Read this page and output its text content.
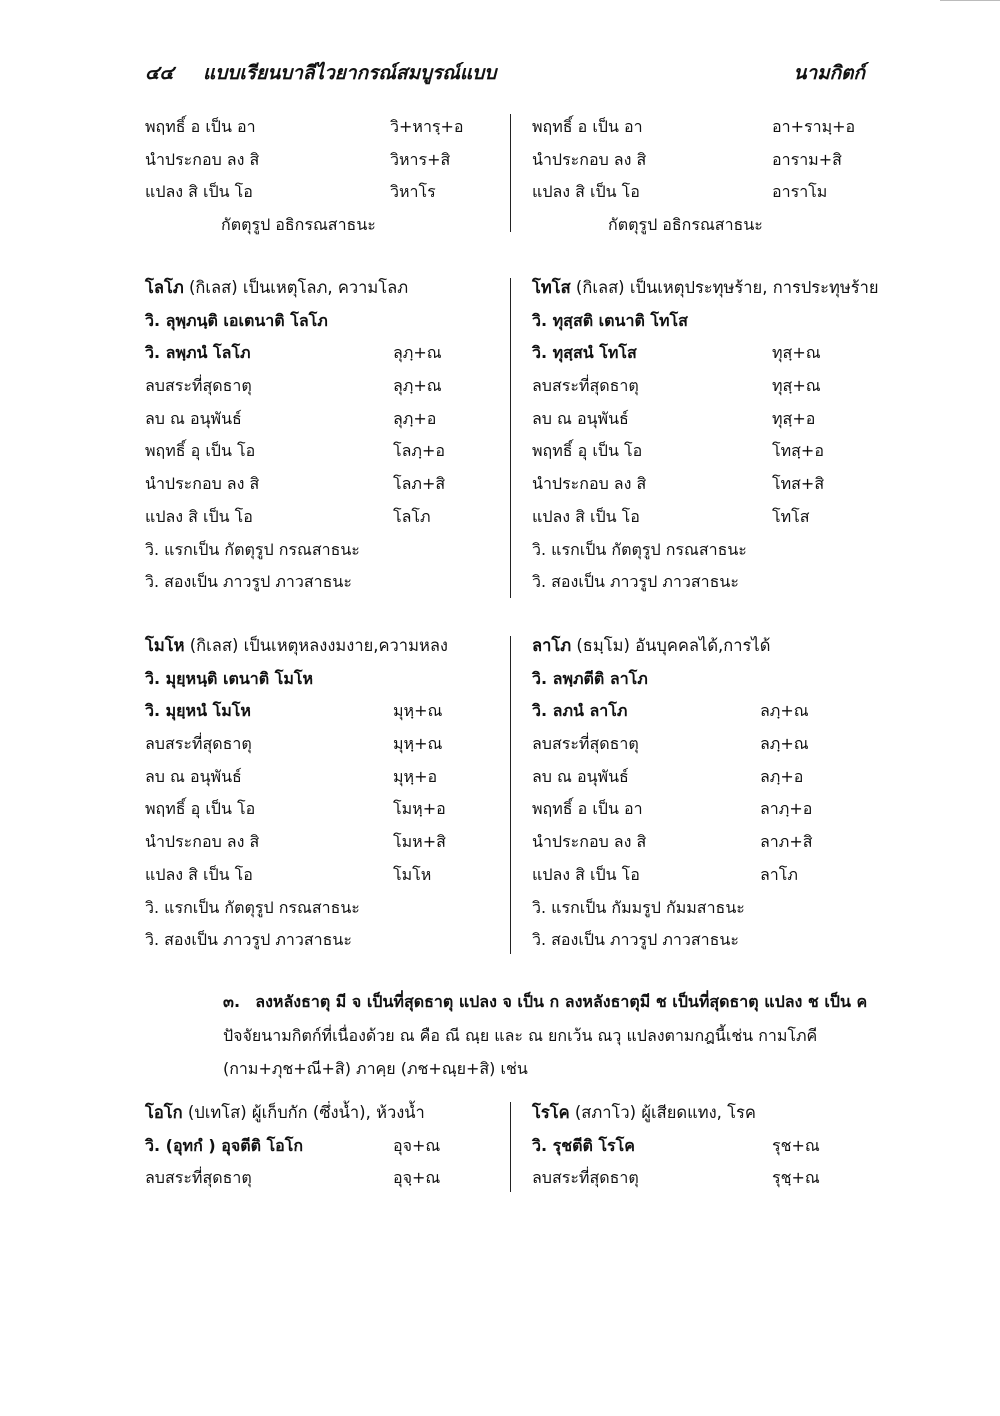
๔๔ แบบเรียนบาลีไวยากรณ์สมบูรณ์แบบ	นามกิตก์
พฤทธิ์ อ เป็น อา	วิ+หารฺ+อ
นำประกอบ ลง สิ	วิหาร+สิ
แปลง สิ เป็น โอ	วิหาโร
กัตตุรูป อธิกรณสาธนะ
พฤทธิ์ อ เป็น อา	อา+รามฺ+อ
นำประกอบ ลง สิ	อาราม+สิ
แปลง สิ เป็น โอ	อาราโม
กัตตุรูป อธิกรณสาธนะ
โลโภ (กิเลส) เป็นเหตุโลภ, ความโลภ
วิ. ลุพฺภนฺติ เอเตนาติ โลโภ
วิ. ลพฺภนํ โลโภ	ลุภฺ+ณ
ลบสระที่สุดธาตุ	ลุภฺ+ณ
ลบ ณ อนุพันธ์	ลุภฺ+อ
พฤทธิ์ อุ เป็น โอ	โลภฺ+อ
นำประกอบ ลง สิ	โลภ+สิ
แปลง สิ เป็น โอ	โลโภ
วิ. แรกเป็น กัตตุรูป กรณสาธนะ
วิ. สองเป็น ภาวรูป ภาวสาธนะ
โทโส (กิเลส) เป็นเหตุประทุษร้าย, การประทุษร้าย
วิ. ทุสฺสติ เตนาติ โทโส
วิ. ทุสฺสนํ โทโส	ทุสฺ+ณ
ลบสระที่สุดธาตุ	ทุสฺ+ณ
ลบ ณ อนุพันธ์	ทุสฺ+อ
พฤทธิ์ อุ เป็น โอ	โทสฺ+อ
นำประกอบ ลง สิ	โทส+สิ
แปลง สิ เป็น โอ	โทโส
วิ. แรกเป็น กัตตุรูป กรณสาธนะ
วิ. สองเป็น ภาวรูป ภาวสาธนะ
โมโห (กิเลส) เป็นเหตุหลงงมงาย,ความหลง
วิ. มุยฺหนฺติ เตนาติ โมโห
วิ. มุยฺหนํ โมโห	มุหฺ+ณ
ลบสระที่สุดธาตุ	มุหฺ+ณ
ลบ ณ อนุพันธ์	มุหฺ+อ
พฤทธิ์ อุ เป็น โอ	โมหฺ+อ
นำประกอบ ลง สิ	โมห+สิ
แปลง สิ เป็น โอ	โมโห
วิ. แรกเป็น กัตตุรูป กรณสาธนะ
วิ. สองเป็น ภาวรูป ภาวสาธนะ
ลาโภ (ธมฺโม) อันบุคคลได้,การได้
วิ. ลพฺภตีติ ลาโภ
วิ. ลภนํ ลาโภ	ลภฺ+ณ
ลบสระที่สุดธาตุ	ลภฺ+ณ
ลบ ณ อนุพันธ์	ลภฺ+อ
พฤทธิ์ อ เป็น อา	ลาภฺ+อ
นำประกอบ ลง สิ	ลาภ+สิ
แปลง สิ เป็น โอ	ลาโภ
วิ. แรกเป็น กัมมรูป กัมมสาธนะ
วิ. สองเป็น ภาวรูป ภาวสาธนะ
๓. ลงหลังธาตุ มี จ เป็นที่สุดธาตุ แปลง จ เป็น ก ลงหลังธาตุมี ช เป็นที่สุดธาตุ แปลง ช เป็น ค ปัจจัยนามกิตก์ที่เนื่องด้วย ณ คือ ณี ณฺย และ ณ ยกเว้น ณวุ แปลงตามกฎนี้เช่น กามโภคี (กาม+ภุช+ณี+สิ) ภาคฺย (ภช+ณฺย+สิ) เช่น
โอโก (ปเทโส) ผู้เก็บกัก (ซึ่งน้ำ), ห้วงน้ำ
วิ. (อุทกํ ) อุจตีติ โอโก	อุจ+ณ
ลบสระที่สุดธาตุ	อุจฺ+ณ
โรโค (สภาโว) ผู้เสียดแทง, โรค
วิ. รุชตีติ โรโค	รุช+ณ
ลบสระที่สุดธาตุ	รุชฺ+ณ
